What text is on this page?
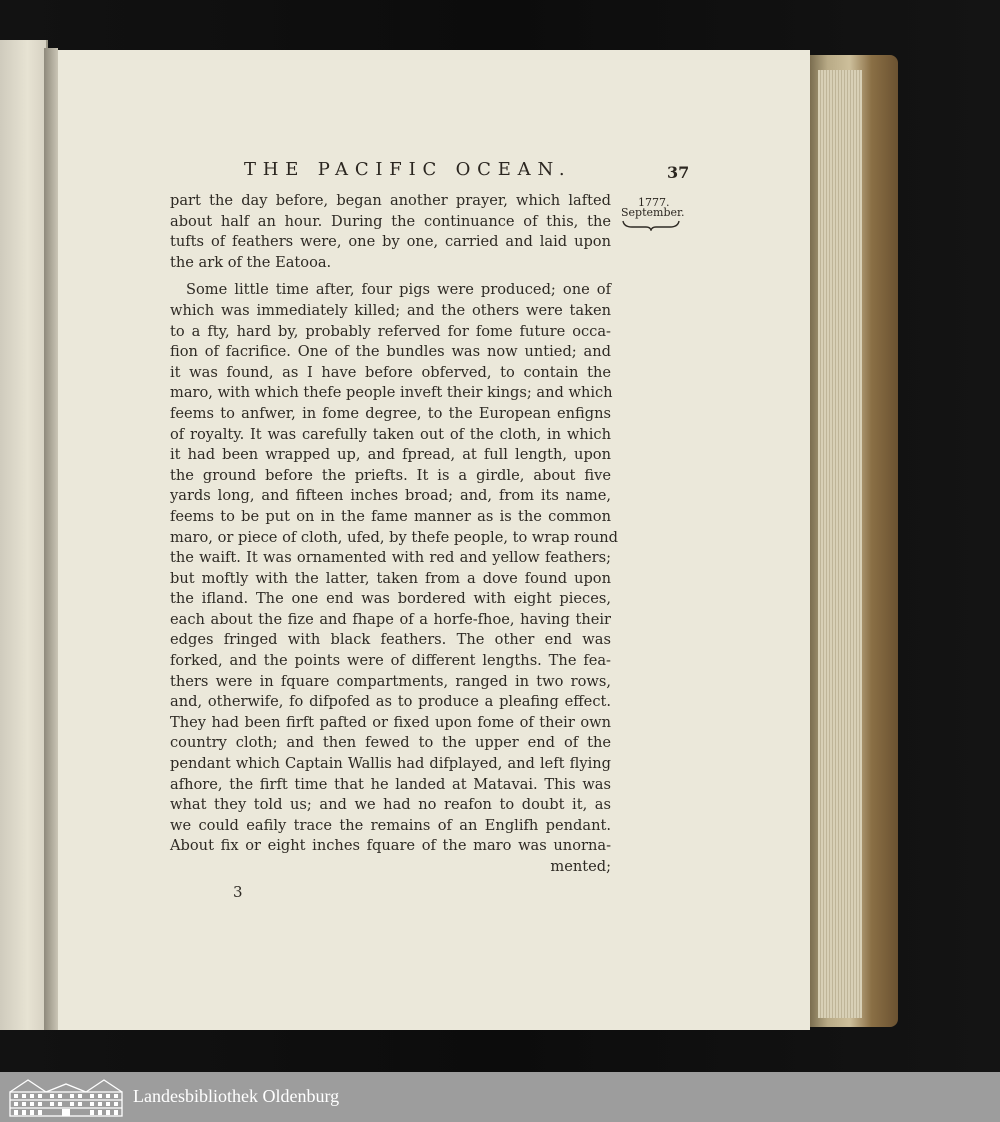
THE PACIFIC OCEAN.	37
1777.
September.
part the day before, began another prayer, which lafted
about half an hour. During the continuance of this, the
tufts of feathers were, one by one, carried and laid upon
the ark of the Eatooa.
Some little time after, four pigs were produced; one of
which was immediately killed; and the others were taken
to a fty, hard by, probably referved for fome future occa-
fion of facrifice. One of the bundles was now untied; and
it was found, as I have before obferved, to contain the
maro, with which thefe people inveft their kings; and which
feems to anfwer, in fome degree, to the European enfigns
of royalty. It was carefully taken out of the cloth, in which
it had been wrapped up, and fpread, at full length, upon
the ground before the priefts. It is a girdle, about five
yards long, and fifteen inches broad; and, from its name,
feems to be put on in the fame manner as is the common
maro, or piece of cloth, ufed, by thefe people, to wrap round
the waift. It was ornamented with red and yellow feathers;
but moftly with the latter, taken from a dove found upon
the ifland. The one end was bordered with eight pieces,
each about the fize and fhape of a horfe-fhoe, having their
edges fringed with black feathers. The other end was
forked, and the points were of different lengths. The fea-
thers were in fquare compartments, ranged in two rows,
and, otherwife, fo difpofed as to produce a pleafing effect.
They had been firft pafted or fixed upon fome of their own
country cloth; and then fewed to the upper end of the
pendant which Captain Wallis had difplayed, and left flying
afhore, the firft time that he landed at Matavai. This was
what they told us; and we had no reafon to doubt it, as
we could eafily trace the remains of an Englifh pendant.
About fix or eight inches fquare of the maro was unorna-
mented;
3
Landesbibliothek Oldenburg
